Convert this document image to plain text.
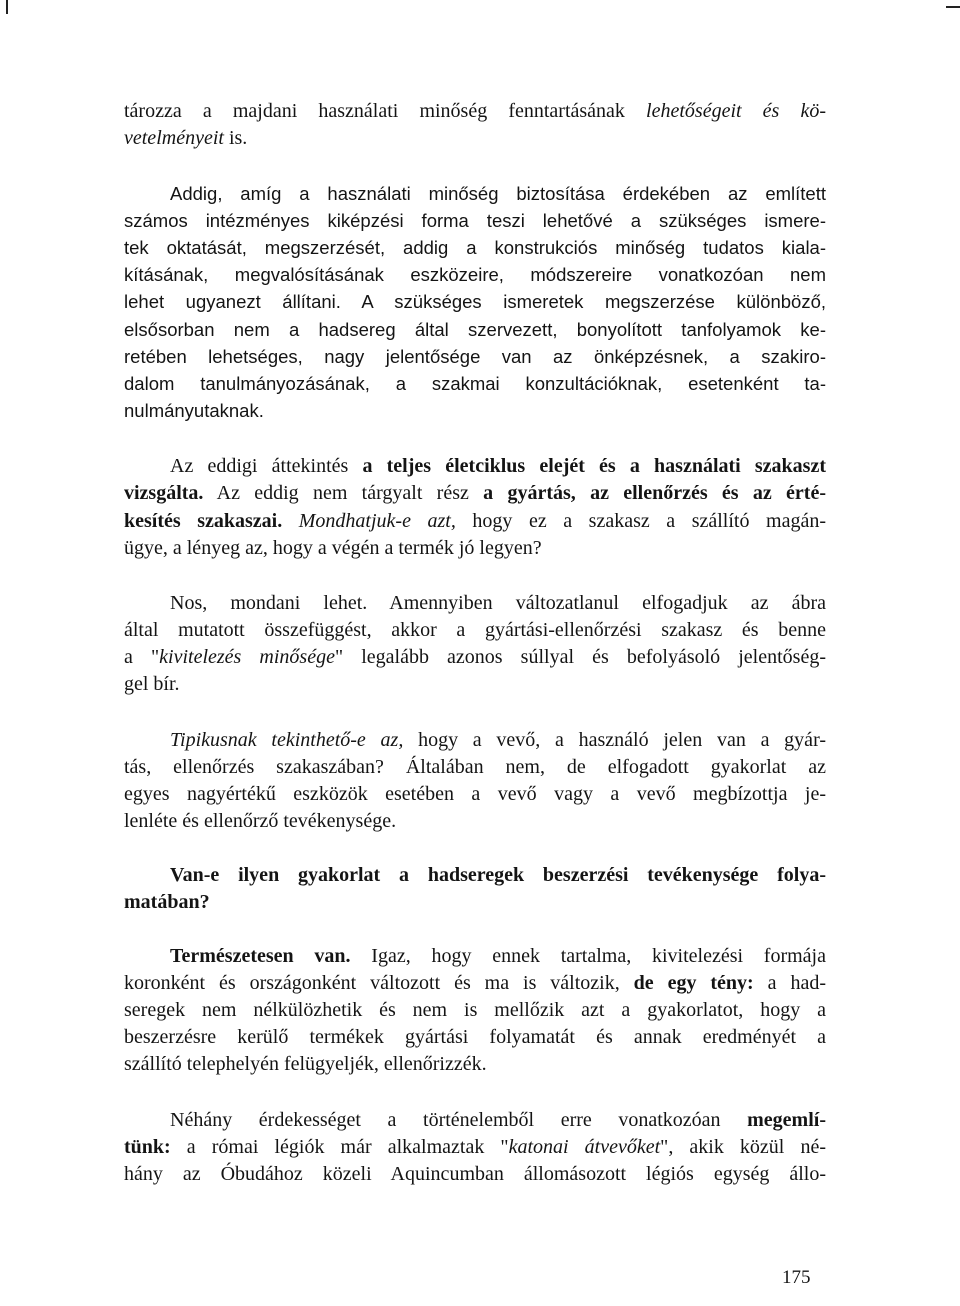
tározza a majdani használati minőség fenntartásának lehetőségeit és kö-
vetelményeit is.
Addig, amíg a használati minőség biztosítása érdekében az említett
számos intézményes kiképzési forma teszi lehetővé a szükséges ismere-
tek oktatását, megszerzését, addig a konstrukciós minőség tudatos kiala-
kításának, megvalósításának eszközeire, módszereire vonatkozóan nem
lehet ugyanezt állítani. A szükséges ismeretek megszerzése különböző,
elsősorban nem a hadsereg által szervezett, bonyolított tanfolyamok ke-
retében lehetséges, nagy jelentősége van az önképzésnek, a szakiro-
dalom tanulmányozásának, a szakmai konzultációknak, esetenként ta-
nulmányutaknak.
Az eddigi áttekintés a teljes életciklus elejét és a használati szakaszt
vizsgálta. Az eddig nem tárgyalt rész a gyártás, az ellenőrzés és az érté-
kesítés szakaszai. Mondhatjuk-e azt, hogy ez a szakasz a szállító magán-
ügye, a lényeg az, hogy a végén a termék jó legyen?
Nos, mondani lehet. Amennyiben változatlanul elfogadjuk az ábra
által mutatott összefüggést, akkor a gyártási-ellenőrzési szakasz és benne
a "kivitelezés minősége" legalább azonos súllyal és befolyásoló jelentőség-
gel bír.
Tipikusnak tekinthető-e az, hogy a vevő, a használó jelen van a gyár-
tás, ellenőrzés szakaszában? Általában nem, de elfogadott gyakorlat az
egyes nagyértékű eszközök esetében a vevő vagy a vevő megbízottja je-
lenléte és ellenőrző tevékenysége.
Van-e ilyen gyakorlat a hadseregek beszerzési tevékenysége folya-
matában?
Természetesen van. Igaz, hogy ennek tartalma, kivitelezési formája
koronként és országonként változott és ma is változik, de egy tény: a had-
seregek nem nélkülözhetik és nem is mellőzik azt a gyakorlatot, hogy a
beszerzésre kerülő termékek gyártási folyamatát és annak eredményét a
szállító telephelyén felügyeljék, ellenőrizzék.
Néhány érdekességet a történelemből erre vonatkozóan megemlí-
tünk: a római légiók már alkalmaztak "katonai átvevőket", akik közül né-
hány az Óbudához közeli Aquincumban állomásozott légiós egység állo-
175
